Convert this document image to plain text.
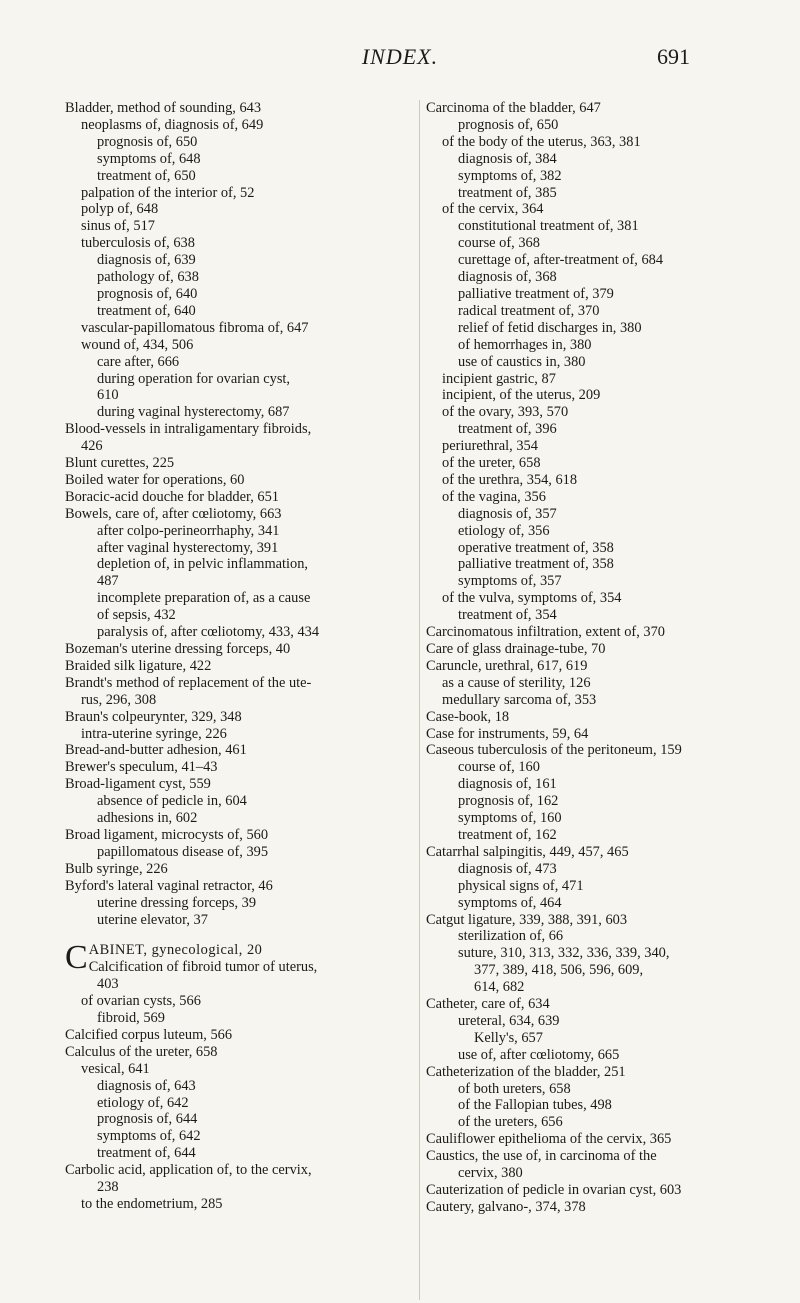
INDEX.	691
Bladder, method of sounding, 643
neoplasms of, diagnosis of, 649
prognosis of, 650
symptoms of, 648
treatment of, 650
palpation of the interior of, 52
polyp of, 648
sinus of, 517
tuberculosis of, 638
diagnosis of, 639
pathology of, 638
prognosis of, 640
treatment of, 640
vascular-papillomatous fibroma of, 647
wound of, 434, 506
care after, 666
during operation for ovarian cyst,
610
during vaginal hysterectomy, 687
Blood-vessels in intraligamentary fibroids,
426
Blunt curettes, 225
Boiled water for operations, 60
Boracic-acid douche for bladder, 651
Bowels, care of, after cœliotomy, 663
after colpo-perineorrhaphy, 341
after vaginal hysterectomy, 391
depletion of, in pelvic inflammation,
487
incomplete preparation of, as a cause
of sepsis, 432
paralysis of, after cœliotomy, 433, 434
Bozeman's uterine dressing forceps, 40
Braided silk ligature, 422
Brandt's method of replacement of the ute-
rus, 296, 308
Braun's colpeurynter, 329, 348
intra-uterine syringe, 226
Bread-and-butter adhesion, 461
Brewer's speculum, 41–43
Broad-ligament cyst, 559
absence of pedicle in, 604
adhesions in, 602
Broad ligament, microcysts of, 560
papillomatous disease of, 395
Bulb syringe, 226
Byford's lateral vaginal retractor, 46
uterine dressing forceps, 39
uterine elevator, 37
CABINET, gynecological, 20
Calcification of fibroid tumor of uterus,
403
of ovarian cysts, 566
fibroid, 569
Calcified corpus luteum, 566
Calculus of the ureter, 658
vesical, 641
diagnosis of, 643
etiology of, 642
prognosis of, 644
symptoms of, 642
treatment of, 644
Carbolic acid, application of, to the cervix,
238
to the endometrium, 285
Carcinoma of the bladder, 647
prognosis of, 650
of the body of the uterus, 363, 381
diagnosis of, 384
symptoms of, 382
treatment of, 385
of the cervix, 364
constitutional treatment of, 381
course of, 368
curettage of, after-treatment of, 684
diagnosis of, 368
palliative treatment of, 379
radical treatment of, 370
relief of fetid discharges in, 380
of hemorrhages in, 380
use of caustics in, 380
incipient gastric, 87
incipient, of the uterus, 209
of the ovary, 393, 570
treatment of, 396
periurethral, 354
of the ureter, 658
of the urethra, 354, 618
of the vagina, 356
diagnosis of, 357
etiology of, 356
operative treatment of, 358
palliative treatment of, 358
symptoms of, 357
of the vulva, symptoms of, 354
treatment of, 354
Carcinomatous infiltration, extent of, 370
Care of glass drainage-tube, 70
Caruncle, urethral, 617, 619
as a cause of sterility, 126
medullary sarcoma of, 353
Case-book, 18
Case for instruments, 59, 64
Caseous tuberculosis of the peritoneum, 159
course of, 160
diagnosis of, 161
prognosis of, 162
symptoms of, 160
treatment of, 162
Catarrhal salpingitis, 449, 457, 465
diagnosis of, 473
physical signs of, 471
symptoms of, 464
Catgut ligature, 339, 388, 391, 603
sterilization of, 66
suture, 310, 313, 332, 336, 339, 340,
377, 389, 418, 506, 596, 609,
614, 682
Catheter, care of, 634
ureteral, 634, 639
Kelly's, 657
use of, after cœliotomy, 665
Catheterization of the bladder, 251
of both ureters, 658
of the Fallopian tubes, 498
of the ureters, 656
Cauliflower epithelioma of the cervix, 365
Caustics, the use of, in carcinoma of the
cervix, 380
Cauterization of pedicle in ovarian cyst, 603
Cautery, galvano-, 374, 378
